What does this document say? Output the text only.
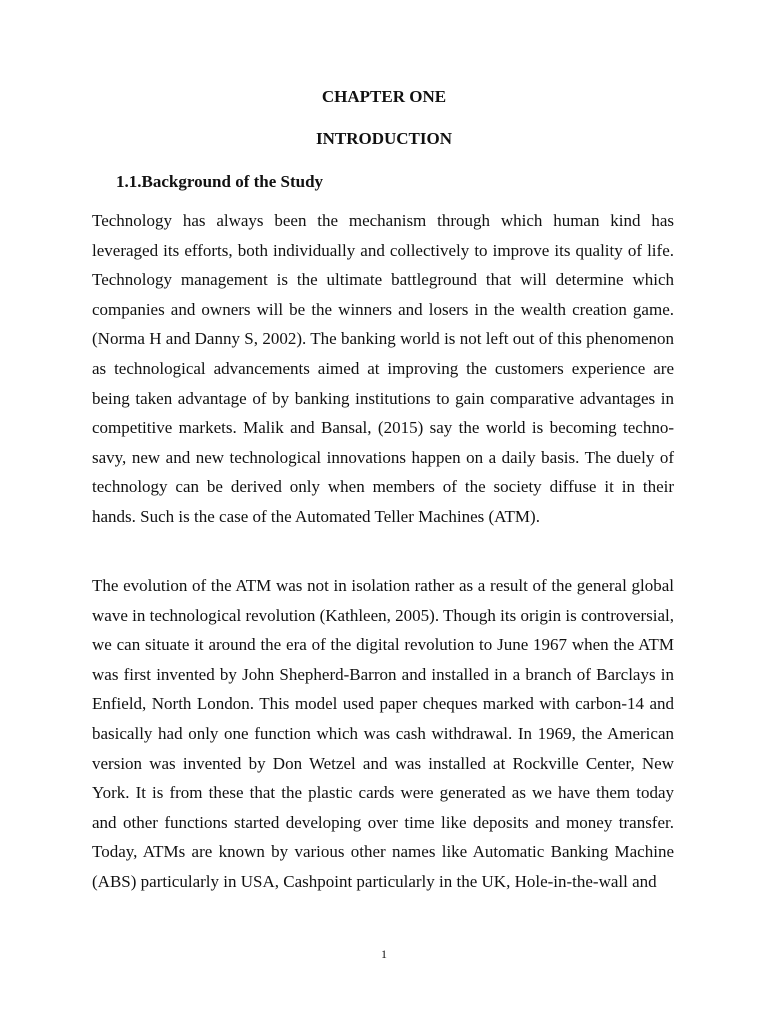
CHAPTER ONE
INTRODUCTION
1.1.Background of the Study

Technology has always been the mechanism through which human kind has leveraged its efforts, both individually and collectively to improve its quality of life. Technology management is the ultimate battleground that will determine which companies and owners will be the winners and losers in the wealth creation game. (Norma H and Danny S, 2002). The banking world is not left out of this phenomenon as technological advancements aimed at improving the customers experience are being taken advantage of by banking institutions to gain comparative advantages in competitive markets. Malik and Bansal, (2015) say the world is becoming techno-savy, new and new technological innovations happen on a daily basis. The duely of technology can be derived only when members of the society diffuse it in their hands. Such is the case of the Automated Teller Machines (ATM).

The evolution of the ATM was not in isolation rather as a result of the general global wave in technological revolution (Kathleen, 2005). Though its origin is controversial, we can situate it around the era of the digital revolution to June 1967 when the ATM was first invented by John Shepherd-Barron and installed in a branch of Barclays in Enfield, North London. This model used paper cheques marked with carbon-14 and basically had only one function which was cash withdrawal. In 1969, the American version was invented by Don Wetzel and was installed at Rockville Center, New York. It is from these that the plastic cards were generated as we have them today and other functions started developing over time like deposits and money transfer. Today, ATMs are known by various other names like Automatic Banking Machine (ABS) particularly in USA, Cashpoint particularly in the UK, Hole-in-the-wall and

1
